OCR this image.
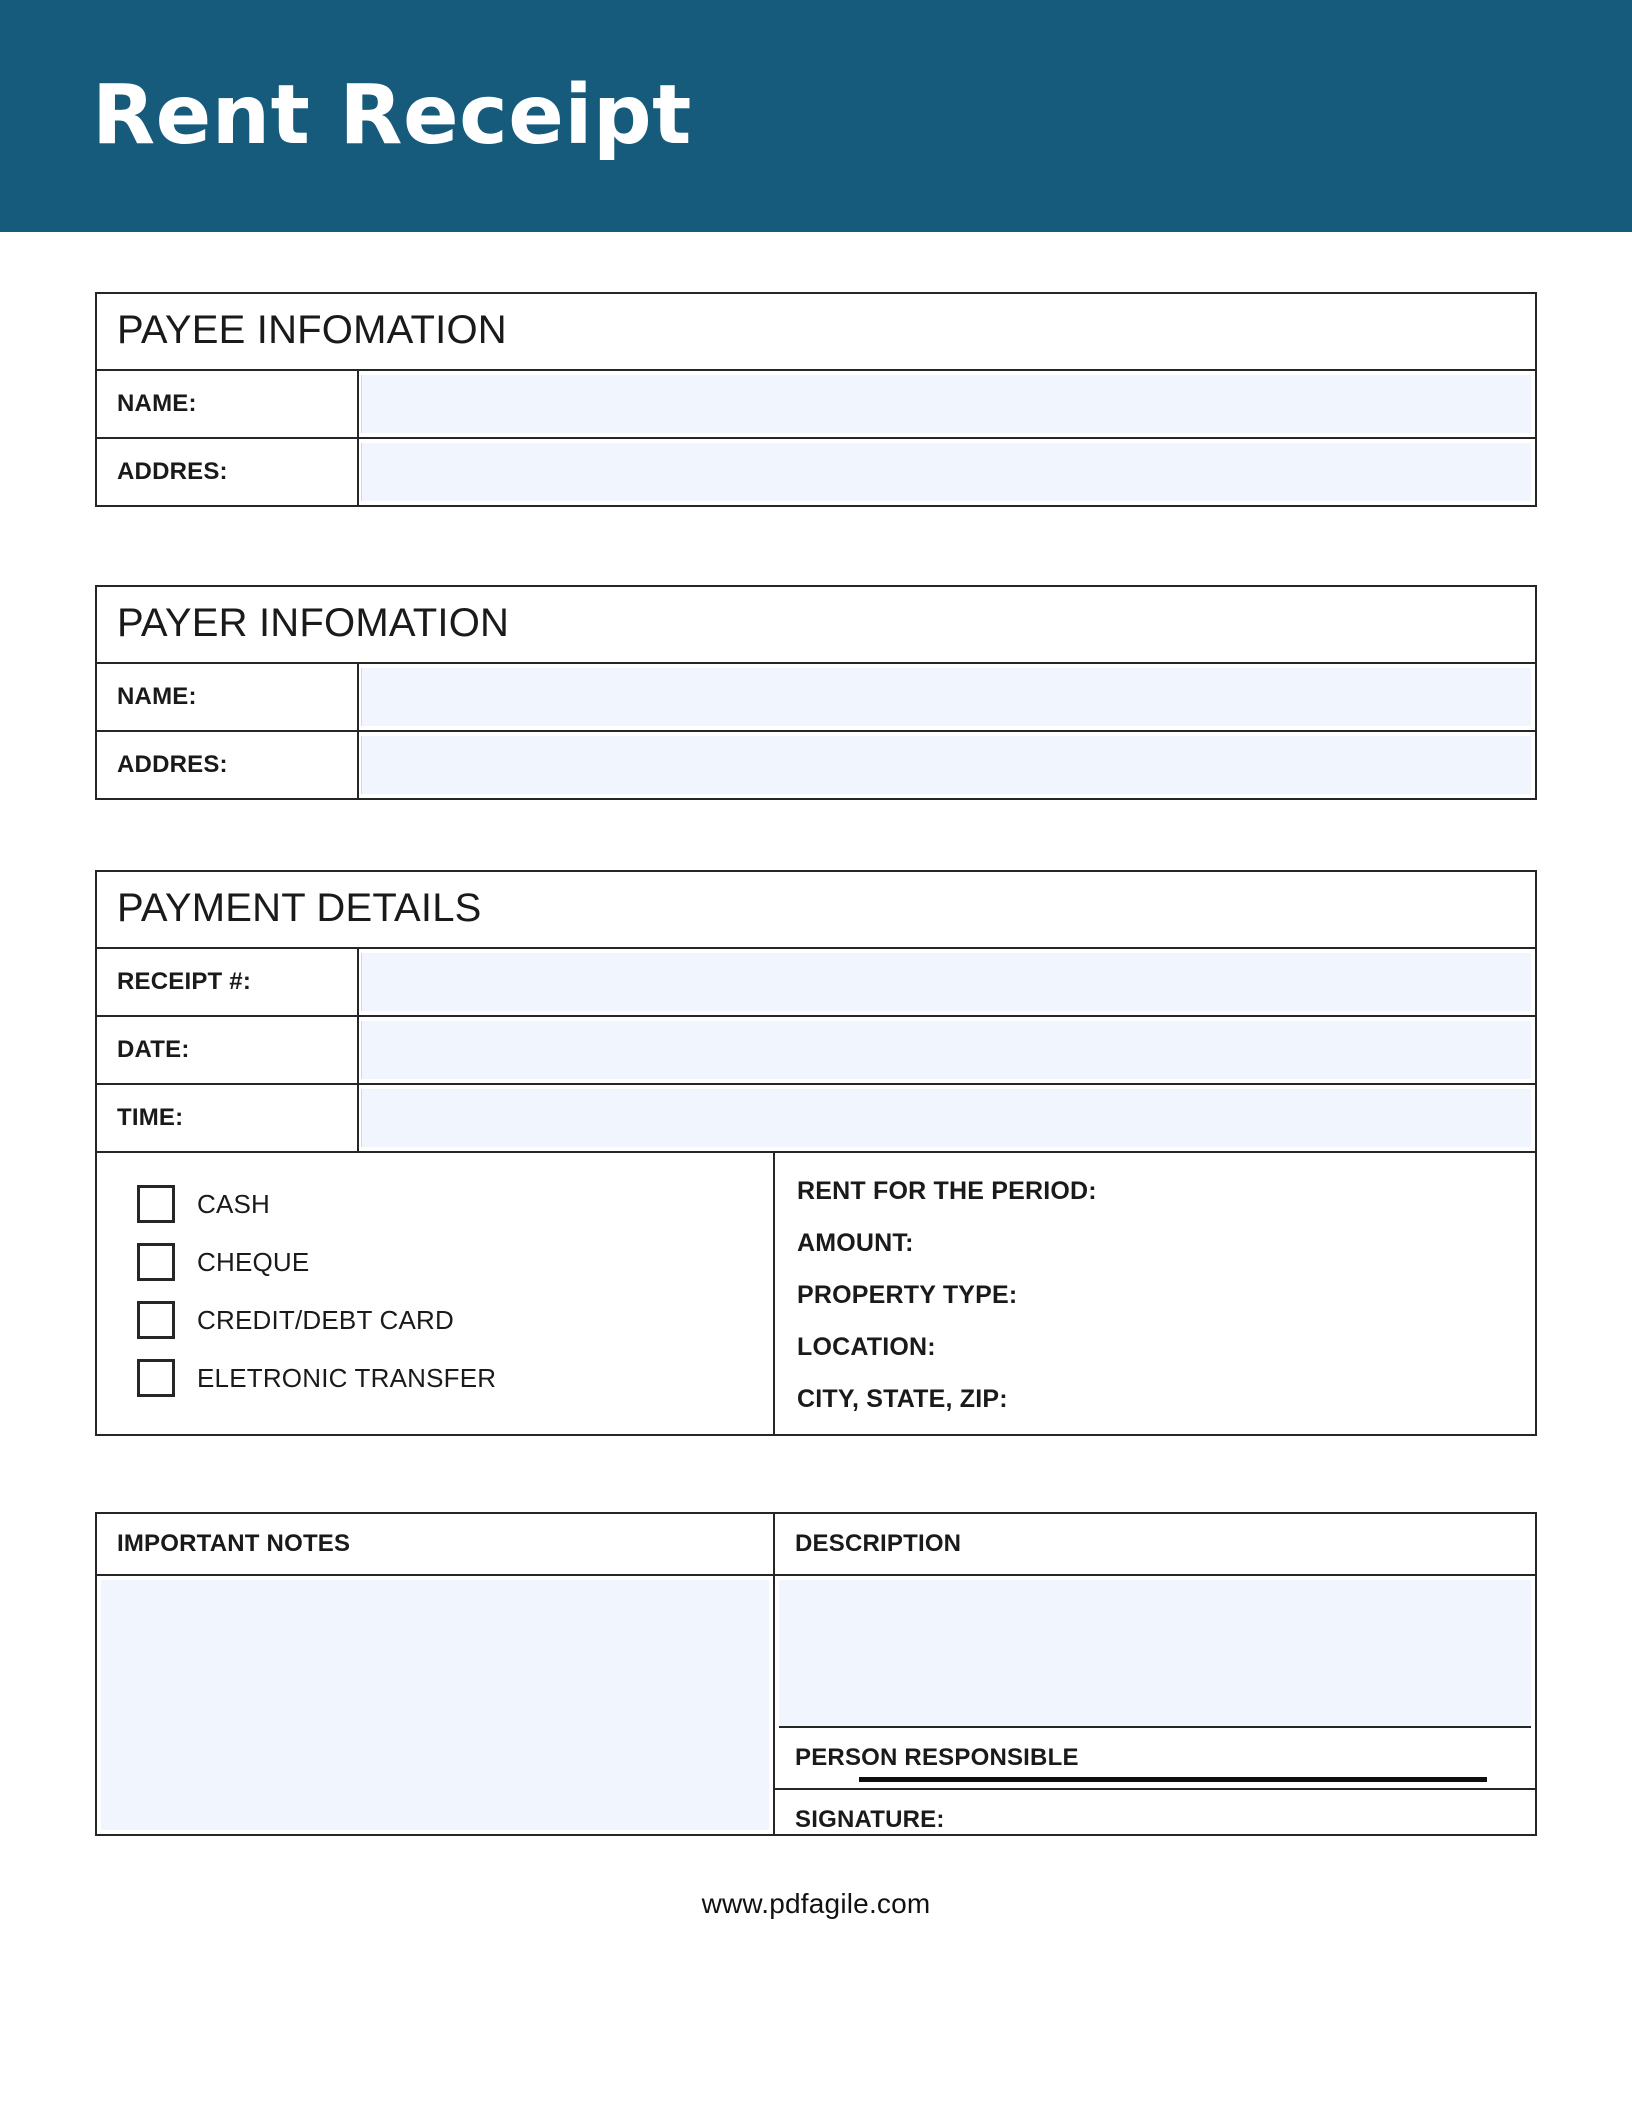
Rent Receipt
PAYEE INFOMATION
NAME:
ADDRES:
PAYER INFOMATION
NAME:
ADDRES:
PAYMENT DETAILS
RECEIPT #:
DATE:
TIME:
CASH
CHEQUE
CREDIT/DEBT CARD
ELETRONIC TRANSFER
RENT FOR THE PERIOD:
AMOUNT:
PROPERTY TYPE:
LOCATION:
CITY, STATE, ZIP:
IMPORTANT NOTES	DESCRIPTION
PERSON RESPONSIBLE
SIGNATURE:
www.pdfagile.com
